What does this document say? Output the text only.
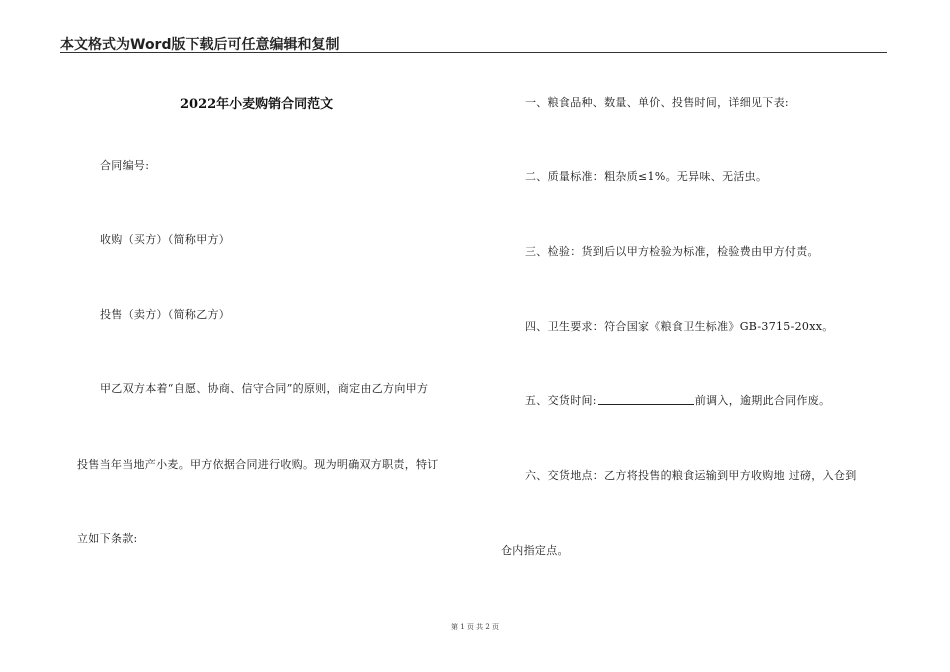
本文格式为Word版下载后可任意编辑和复制
2022年小麦购销合同范文
合同编号:
收购（买方）（简称甲方）
投售（卖方）（简称乙方）
甲乙双方本着“自愿、协商、信守合同”的原则，商定由乙方向甲方
投售当年当地产小麦。甲方依据合同进行收购。现为明确双方职责，特订
立如下条款:
一、粮食品种、数量、单价、投售时间，详细见下表:
二、质量标准：粗杂质≤1%。无异味、无活虫。
三、检验：货到后以甲方检验为标准，检验费由甲方付责。
四、卫生要求：符合国家《粮食卫生标准》GB-3715-20xx。
五、交货时间:	前调入，逾期此合同作废。
六、交货地点：乙方将投售的粮食运输到甲方收购地 过磅，入仓到
仓内指定点。
第 1 页 共 2 页
